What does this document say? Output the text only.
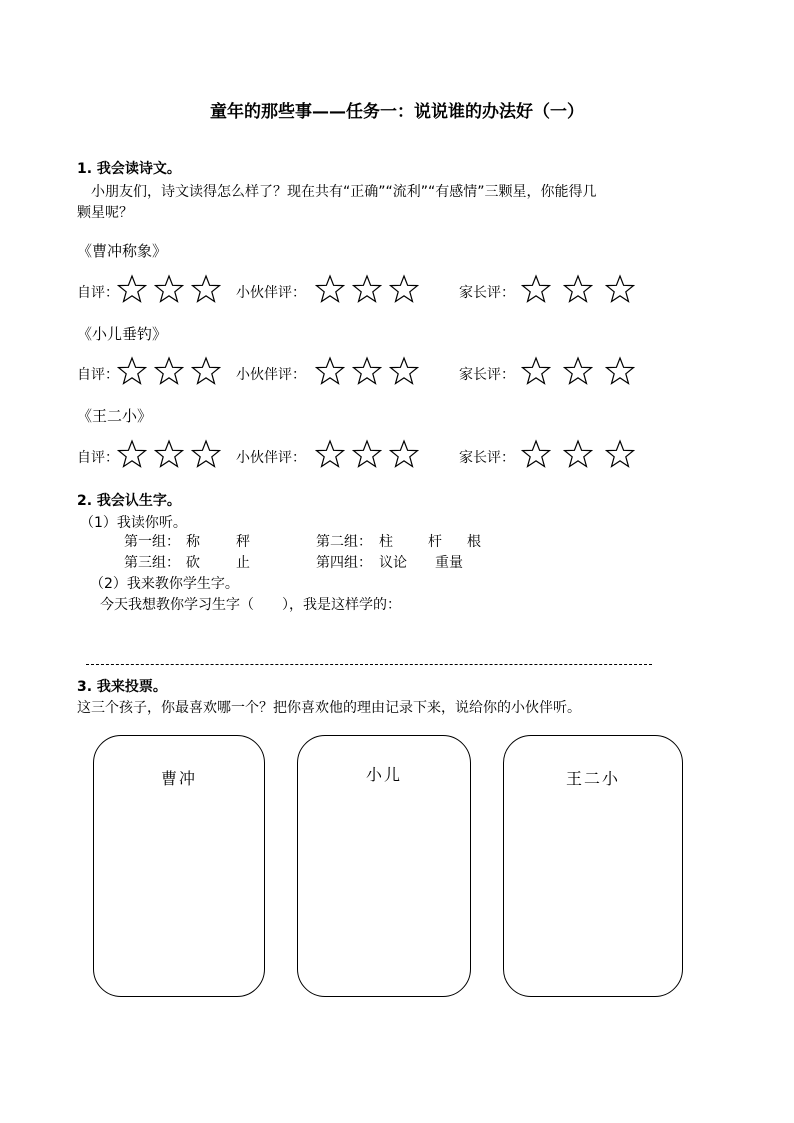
童年的那些事——任务一：说说谁的办法好（一）
1. 我会读诗文。
小朋友们，诗文读得怎么样了？现在共有“正确”“流利”“有感情”三颗星，你能得几
颗星呢？
《曹冲称象》
自评：	小伙伴评：	家长评：
《小儿垂钓》
自评：	小伙伴评：	家长评：
《王二小》
自评：	小伙伴评：	家长评：
2. 我会认生字。
（1）我读你听。
第一组： 称	秤	第二组： 柱	杆 根
第三组： 砍	止	第四组： 议论 重量
（2）我来教你学生字。
今天我想教你学习生字（　　），我是这样学的：
3. 我来投票。
这三个孩子，你最喜欢哪一个？把你喜欢他的理由记录下来，说给你的小伙伴听。
曹冲	小儿	王二小
